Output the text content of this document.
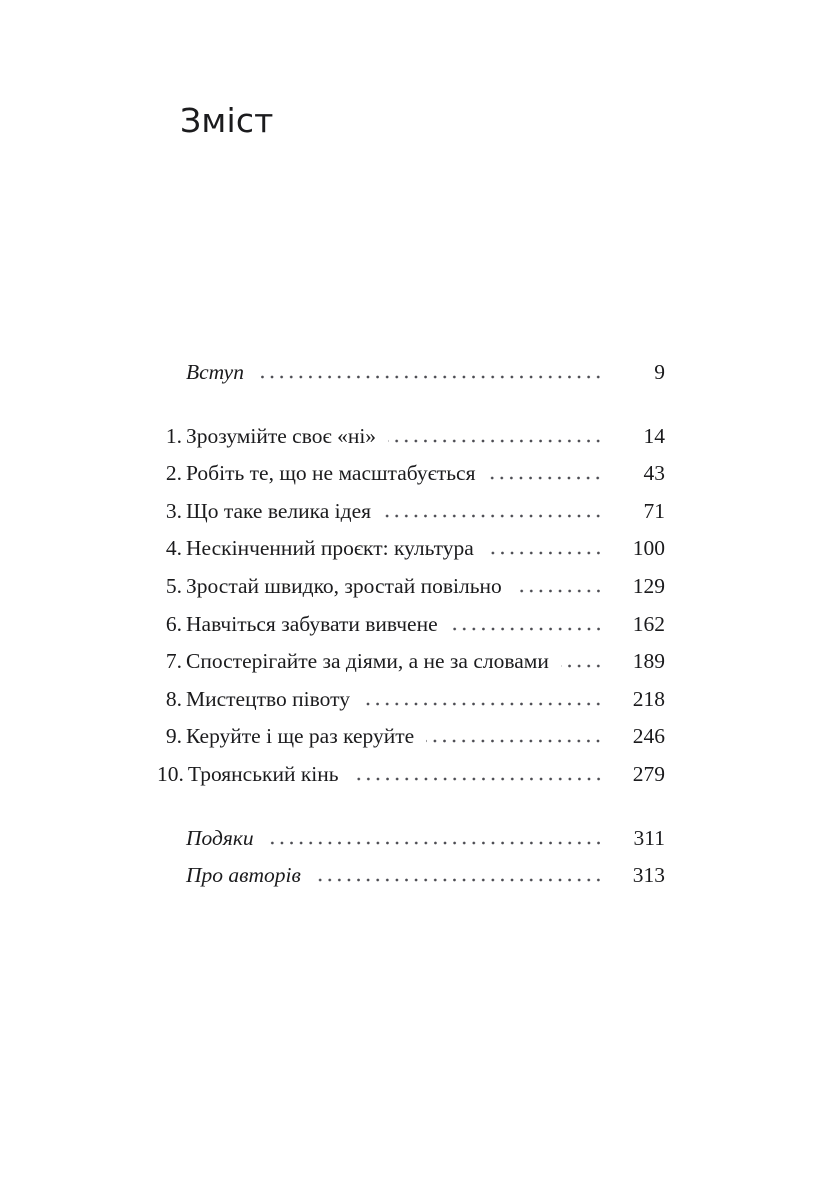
Зміст
Вступ	9
1. Зрозумійте своє «ні»	14
2. Робіть те, що не масштабується	43
3. Що таке велика ідея	71
4. Нескінченний проєкт: культура	100
5. Зростай швидко, зростай повільно	129
6. Навчіться забувати вивчене	162
7. Спостерігайте за діями, а не за словами	189
8. Мистецтво півоту	218
9. Керуйте і ще раз керуйте	246
10. Троянський кінь	279
Подяки	311
Про авторів	313
